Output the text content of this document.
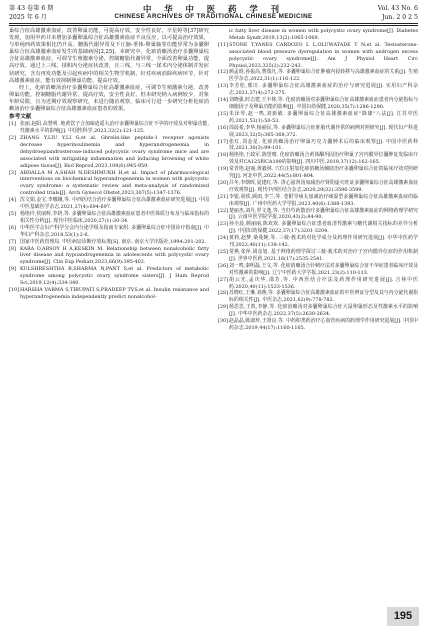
第 43 卷第 6 期
2025 年 6 月
中 华 中 医 药 学 刊
CHINESE ARCHIVES OF TRADITIONAL CHINESE MEDICINE
Vol. 43 No. 6
Jun. 2 0 2 5

巢综合征高雄激素血症，改善卵巢功能，可提高疗效，安全性良好。辛星婷等[37]研究发现，加用中药并未增加多囊卵巢综合征高雄激素血症不良反应，以可提高治疗效果，与单纯西药效果相比仍升高。糖脂代谢异常及下丘脑-垂体-卵巢轴等功能异常为多囊卵巢综合征高雄激素血症发生的基础病因[2,25]。本研究中，化瘀消癥汤治疗多囊卵巢综合征高雄激素血症，可调节生殖激素分泌，控制糖脂代谢异常，全面改善卵巢功能，提高疗效。通过上三线、揉积内分泌症状改善，且三线，与三线一揉术内分泌体制并发症状研究，含有再发功能及引起疾病中的相关生物学机制，针对疾病消除疾病环节，针对高雄激素血症，能有效抑制卵巢功能、提高疗效。

经上，化瘀消癥汤治疗多囊卵巢综合征高雄激素血症，可调节生殖激素分泌，改善卵巢功能，控制糖脂代谢异常，提高疗效，安全性良好。但本研究纳入病例较少，对象年龄局限，且为近期疗效观察研究，未进行随访观察，临床可行进一步研究分析化瘀消癥汤治疗多囊卵巢综合征高雄激素血症患者的效果。

参考文献
[1] 张丽,赵阳,高慧明. 地黄饮子合加味逍遥丸治疗多囊卵巢综合征不孕的疗效及对卵巢功能,性激素水平的影响[J]. 中国性科学,2023,32(2):121-125.
[2] ZHANG Y,LIU Y,LI G,et al. Ghrelin-like peptide-1 receptor agonists decrease hyperinsulinemia and hyperandrogenemia in dehydroepiandrosterone-induced polycystic ovary syndrome mice and are associated with mitigating inflammation and inducing browning of white adipose tissue[J]. Biol Reprod,2023,108(6):945-959.
[3] ABDALLA M A,SHAH N,DESHMUKH H,et al. Impact of pharmacological interventions on biochemical hyperandrogenemia in women with polycystic ovary syndrome: a systematic review and meta-analysis of randomized controlled trials[J]. Arch Gynecol Obstet,2023,307(5):1347-1376.
[4] 沈文娟,金宝,李娜娥,等. 中西医结合治疗多囊卵巢综合征高雄激素血症研究进展[J]. 中国中医基础医学杂志,2021,27(4):694-697.
[5] 杨艳玲,侯丽辉,李妍,等. 多囊卵巢综合征高雄激素血症患者中医体质分布及与临床指标的相关性分析[J]. 现代中医临床,2020,27(1):30-34.
[6] 中华医学会妇产科学分会内分泌学组及指南专家组. 多囊卵巢综合征中国诊疗指南[J]. 中华妇产科杂志,2018,53(1):2-6.
[7] 国家中医药管理局. 中医病证诊断疗效标准[S]. 南京: 南京大学出版社,1994:201-202.
[8] KARA O,ABSOY H A,KESKIN M. Relationship between nonalcoholic fatty liver disease and hypoandrogenemia in adolescents with polycystic ovary syndrome[J]. Clin Exp Pediatr,2023,66(9):395-402.
[9] KULSHRESHTHA B,SHARMA N,PANT S,et al. Predictors of metabolic syndrome among polycystic ovary syndrome sisters[J]. J Hum Reprod Sci,2019,12(4):334-340.
[10] HARSHA VARMA S,TIRUPATI S,PRADEEP TVS,et al. Insulin resistance and hyperandrogenemia independently predict nonalcohol-
ic fatty liver disease in women with polycystic ovary syndrome[J]. Diabetes Metab Syndr,2019,13(2):1065-1069.
[11] STONE T,YANES CARDOZO L L,OLUWATADE T N,et al. Testosterone-associated blood pressure dysregulation in women with androgen excess polycystic ovary syndrome[J]. Am J Physiol Heart Circ Physiol,2023,325(2):232-243.
[12] 颜孟晗,孙振高,曹瑞凡,等. 多囊卵巢综合征肿瘤内侵转移与高雄激素血症的关系[J]. 生殖医学杂志,2022,31(1):116-122.
[13] 李芳松,邢川. 多囊卵巢综合征高雄激素血症的治疗与研究进展[J]. 实用妇产科杂志,2021,37(4):272-275.
[14] 刘晓强,时志建,王丰林,等. 化瘀消癥汤对多囊卵巢综合征高雄激素血症患者内分泌指标与细胞因子及卵巢功能的影响[J]. 中国妇幼保健,2020,35(7):1286-1290.
[15] 朱泽琴,赵一鸣,刘新敏. 多囊卵巢综合征高雄激素血症"降雄"八法[J]. 江苏中医药,2021,53(1):50-53.
[16] 周晨希,李华,杨丽民,等. 多囊卵巢综合征胚胎代谢异常的病例对照研究[J]. 现代妇产科进展,2023,32(5):365-368,372.
[17] 张红,刘金星. 化瘀消癥汤治疗卵巢巧克力囊肿术后的临床观察[J]. 中国中医药科技,2021,30(3):99-101.
[18] 杨艳艳,王政军,陈望晴. 化瘀消癥汤合黄体酮巩固治疗卵巢子宫内膜异位囊肿复发临床疗效及对CA125和CA199的影响[J]. 四川中医,2019,37(12):162-165.
[19] 常青艳,赵丽,黄毅林. 穴位注射加化瘀消癥汤辅助治疗多囊卵巢综合征的临床疗效对照研究[J]. 河北中医,2022,44(5):801-804.
[20] 吕冬,李朝晖,夏建红,等. 清心滋肾汤加减治疗肾阴虚火旺证多囊卵巢综合征高雄激素血症疗效观察[J]. 现代中西医结合杂志,2020,29(32):3596-3599.
[21] 李银,胡铁,顾雨,李兰,等. 苍附导痰丸加减治疗痰湿型多囊卵巢综合征高雄激素血症的临床观察[J]. 广州中医药大学学报,2023,40(6):1388-1393.
[22] 楚丽杰,刘丹,罗文逸,等. 当归芍药散治疗多囊卵巢综合征高雄激素血症的网络药理学研究[J]. 云南中医学院学报,2020,43(2):84-90.
[23] 孙全晨,颜丽丽,陈欢欢. 多囊卵巢综合征患者血清性激素与糖代谢相关指标的差异分析[J]. 中国妇幼保健,2022,37(17):3201-3204.
[24] 黄莉,赵梦,桑曼婉,等. 三棱-莪术药对化学成分及药理作用研究进展[J]. 中华中医药学刊,2022,40(11):138-142.
[25] 常燕,张萍,胡彦旭. 基于网络药理学探讨三棱-莪术药对治疗子宫内膜异位症的作用机制[J]. 世界中医药,2021,16(17):2535-2541.
[26] 刘一鸣,秦明磊,王文,等. 化瘀消癥汤合针刺疗法对多囊卵巢综合征不孕症患者临床疗效及对性激素的影响[J]. 辽宁中医药大学学报,2021,23(2):110-113.
[27] 胡云光,孟庆华,邵芳,等. 中西医结合疗法及药理作用研究进展[J]. 吉林中医药,2020,40(11):1533-1536.
[28] 苏晓红,王琳,刘燕,等. 多囊卵巢综合征高雄激素血症的中医辨证分型及其与内分泌代谢指标的相关性[J]. 中医杂志,2021,62(9):778-782.
[29] 杨思思,王凯,李静,等. 化瘀消癥汤对多囊卵巢综合征大鼠卵巢形态及性激素水平的影响[J]. 中华中医药杂志,2022,37(5):2630-2634.
[30] 赵晶晶,陈淑珍,王贤良,等. 中药积类药治疗心血管疾病的药理学作用研究进展[J]. 中国中药杂志,2019,44(17):1160-1165.
195
